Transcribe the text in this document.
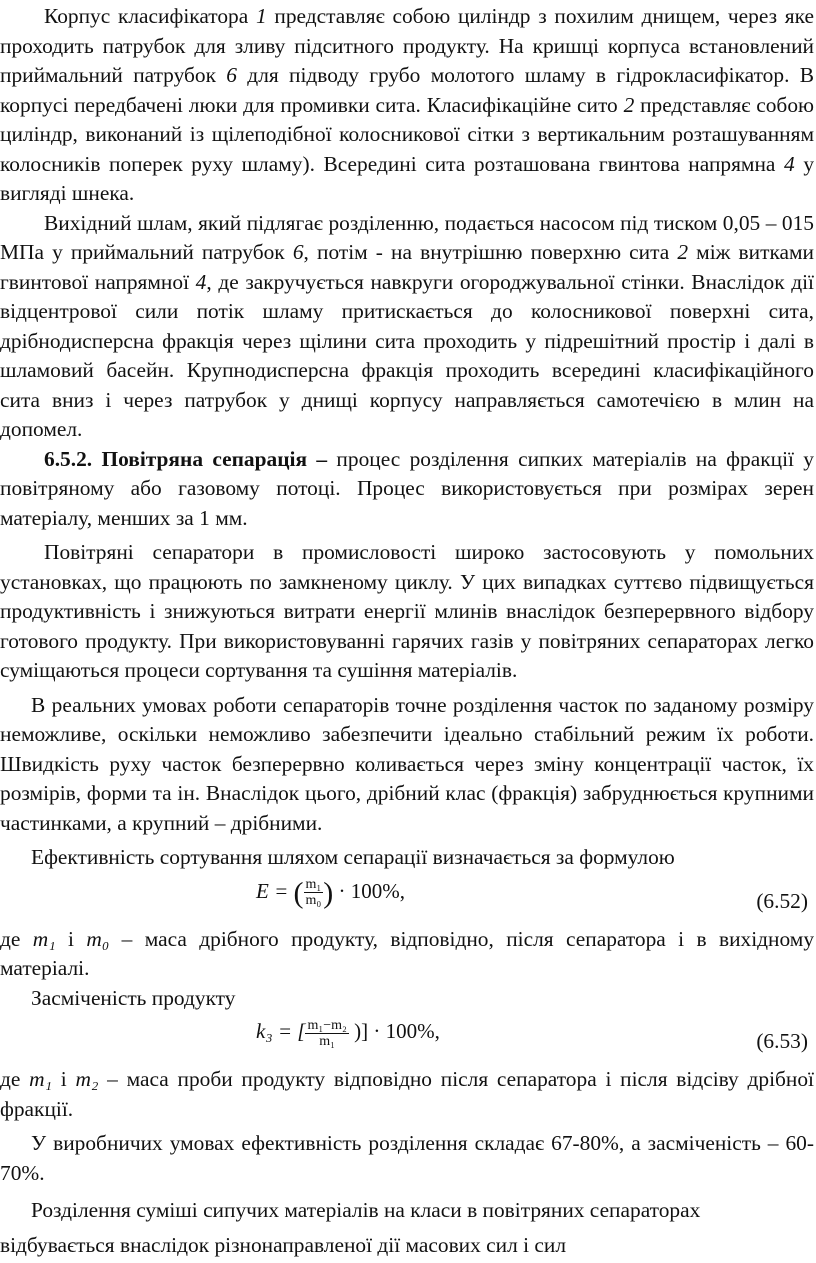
Корпус класифікатора 1 представляє собою циліндр з похилим днищем, через яке проходить патрубок для зливу підситного продукту. На кришці корпуса встановлений приймальний патрубок 6 для підводу грубо молотого шламу в гідрокласифікатор. В корпусі передбачені люки для промивки сита. Класифікаційне сито 2 представляє собою циліндр, виконаний із щілеподібної колосникової сітки з вертикальним розташуванням колосників поперек руху шламу). Всередині сита розташована гвинтова напрямна 4 у вигляді шнека.

Вихідний шлам, який підлягає розділенню, подається насосом під тиском 0,05 – 015 МПа у приймальний патрубок 6, потім - на внутрішню поверхню сита 2 між витками гвинтової напрямної 4, де закручується навкруги огороджувальної стінки. Внаслідок дії відцентрової сили потік шламу притискається до колосникової поверхні сита, дрібнодисперсна фракція через щілини сита проходить у підрешітний простір і далі в шламовий басейн. Крупнодисперсна фракція проходить всередині класифікаційного сита вниз і через патрубок у днищі корпусу направляється самотечією в млин на допомел.

6.5.2. Повітряна сепарація – процес розділення сипких матеріалів на фракції у повітряному або газовому потоці. Процес використовується при розмірах зерен матеріалу, менших за 1 мм.

Повітряні сепаратори в промисловості широко застосовують у помольних установках, що працюють по замкненому циклу. У цих випадках суттєво підвищується продуктивність і знижуються витрати енергії млинів внаслідок безперервного відбору готового продукту. При використовуванні гарячих газів у повітряних сепараторах легко суміщаються процеси сортування та сушіння матеріалів.

В реальних умовах роботи сепараторів точне розділення часток по заданому розміру неможливе, оскільки неможливо забезпечити ідеально стабільний режим їх роботи. Швидкість руху часток безперервно коливається через зміну концентрації часток, їх розмірів, форми та ін. Внаслідок цього, дрібний клас (фракція) забруднюється крупними частинками, а крупний – дрібними.

Ефективність сортування шляхом сепарації визначається за формулою

E = ( $\frac{\text{m₁}}{\text{m₀}}$ ) · 100%,	(6.52)

де m₁ і m₀ – маса дрібного продукту, відповідно, після сепаратора і в вихідному матеріалі.

Засміченість продукту

k₃ = [ $\frac{\text{m₁−m₂}}{\text{m₁}}$ )] · 100%,	(6.53)

де m₁ і m₂ – маса проби продукту відповідно після сепаратора і після відсіву дрібної фракції.

У виробничих умовах ефективність розділення складає 67-80%, а засміченість – 60-70%.

Розділення суміші сипучих матеріалів на класи в повітряних сепараторах відбувається внаслідок різнонаправленої дії масових сил і сил
